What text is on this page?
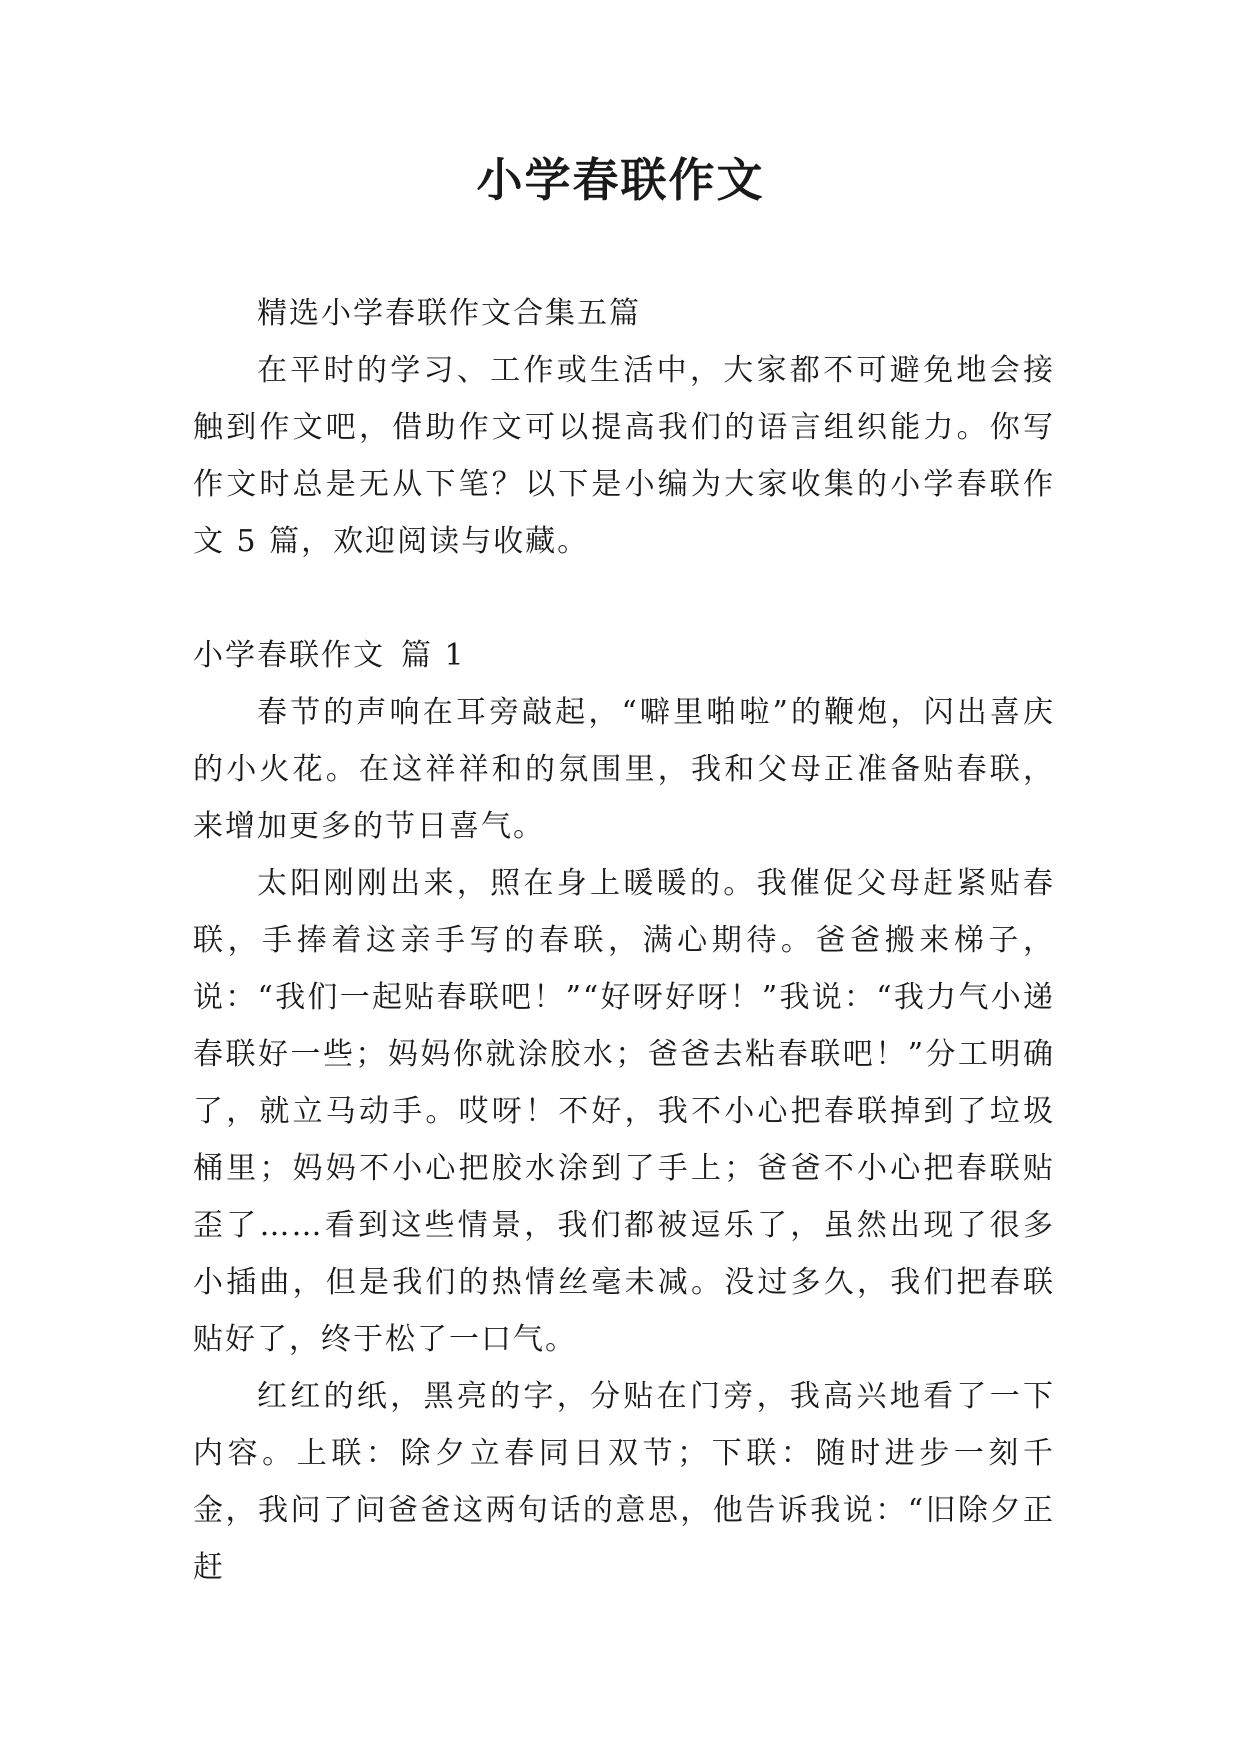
小学春联作文

精选小学春联作文合集五篇

在平时的学习、工作或生活中，大家都不可避免地会接触到作文吧，借助作文可以提高我们的语言组织能力。你写作文时总是无从下笔？以下是小编为大家收集的小学春联作文 5 篇，欢迎阅读与收藏。

小学春联作文 篇 1

春节的声响在耳旁敲起，“噼里啪啦”的鞭炮，闪出喜庆的小火花。在这祥祥和的氛围里，我和父母正准备贴春联，来增加更多的节日喜气。

太阳刚刚出来，照在身上暖暖的。我催促父母赶紧贴春联，手捧着这亲手写的春联，满心期待。爸爸搬来梯子，说：“我们一起贴春联吧！”“好呀好呀！”我说：“我力气小递春联好一些；妈妈你就涂胶水；爸爸去粘春联吧！”分工明确了，就立马动手。哎呀！不好，我不小心把春联掉到了垃圾桶里；妈妈不小心把胶水涂到了手上；爸爸不小心把春联贴歪了……看到这些情景，我们都被逗乐了，虽然出现了很多小插曲，但是我们的热情丝毫未减。没过多久，我们把春联贴好了，终于松了一口气。

红红的纸，黑亮的字，分贴在门旁，我高兴地看了一下内容。上联：除夕立春同日双节；下联：随时进步一刻千金，我问了问爸爸这两句话的意思，他告诉我说：“旧除夕正赶
